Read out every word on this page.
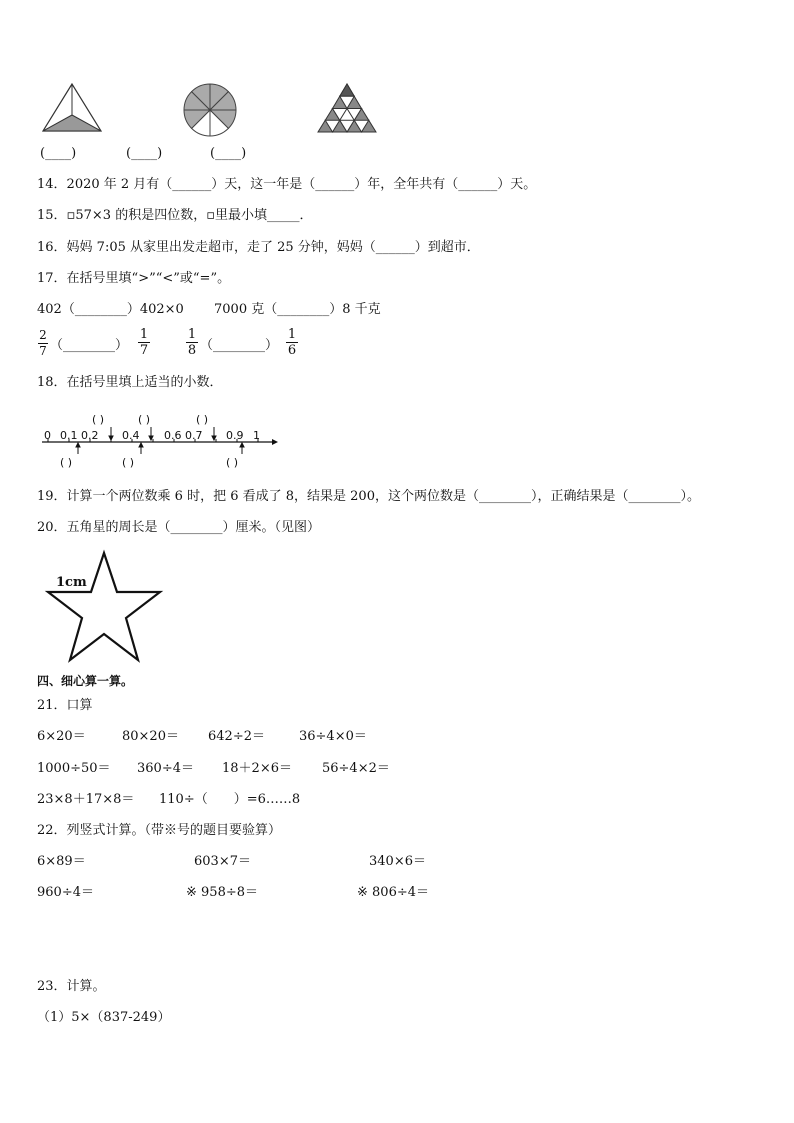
(____)	(____)	(____)
14．2020 年 2 月有（______）天，这一年是（______）年，全年共有（______）天。
15．▫57×3 的积是四位数，▫里最小填_____．
16．妈妈 7:05 从家里出发走超市，走了 25 分钟，妈妈（______）到超市．
17．在括号里填“>”“<”或“=”。
402（________）402×0 7000 克（________）8 千克
2
7 （________）
1
7
1
8 （________）
1
6
18．在括号里填上适当的小数．
0 0.1 0.2 0.4 0.6 0.7 0.9 1
( )	( )	( )
( )	( )	( )
19．计算一个两位数乘 6 时，把 6 看成了 8，结果是 200，这个两位数是（________），正确结果是（________）。
20．五角星的周长是（________）厘米。（见图）
1cm
四、细心算一算。
21．口算
6×20＝	80×20＝ 642÷2＝	36÷4×0＝
1000÷50＝ 360÷4＝ 18＋2×6＝ 56÷4×2＝
23×8＋17×8＝ 110÷（　　）=6……8
22．列竖式计算。（带※号的题目要验算）
6×89＝	603×7＝	340×6＝
960÷4＝	※ 958÷8＝	※ 806÷4＝
23．计算。
（1）5×（837-249）
